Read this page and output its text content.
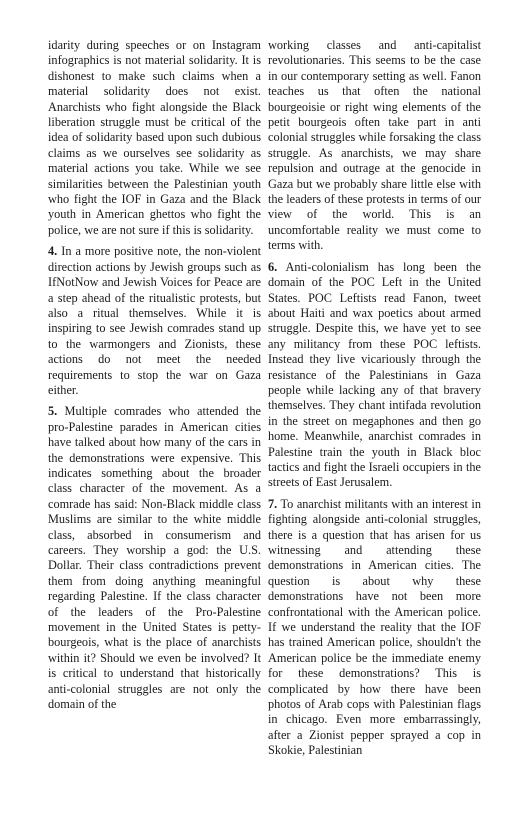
idarity during speeches or on Instagram infographics is not material solidarity. It is dishonest to make such claims when a material solidarity does not exist. Anarchists who fight alongside the Black liberation struggle must be critical of the idea of solidarity based upon such dubious claims as we ourselves see solidarity as material actions you take. While we see similarities between the Palestinian youth who fight the IOF in Gaza and the Black youth in American ghettos who fight the police, we are not sure if this is solidarity.

4. In a more positive note, the non-violent direction actions by Jewish groups such as IfNotNow and Jewish Voices for Peace are a step ahead of the ritualistic protests, but also a ritual themselves. While it is inspiring to see Jewish comrades stand up to the warmongers and Zionists, these actions do not meet the needed requirements to stop the war on Gaza either.

5. Multiple comrades who attended the pro-Palestine parades in American cities have talked about how many of the cars in the demonstrations were expensive. This indicates something about the broader class character of the movement. As a comrade has said: Non-Black middle class Muslims are similar to the white middle class, absorbed in consumerism and careers. They worship a god: the U.S. Dollar. Their class contradictions prevent them from doing anything meaningful regarding Palestine. If the class character of the leaders of the Pro-Palestine movement in the United States is petty-bourgeois, what is the place of anarchists within it? Should we even be involved? It is critical to understand that historically anti-colonial struggles are not only the domain of the

working classes and anti-capitalist revolutionaries. This seems to be the case in our contemporary setting as well. Fanon teaches us that often the national bourgeoisie or right wing elements of the petit bourgeois often take part in anti colonial struggles while forsaking the class struggle. As anarchists, we may share repulsion and outrage at the genocide in Gaza but we probably share little else with the leaders of these protests in terms of our view of the world. This is an uncomfortable reality we must come to terms with.

6. Anti-colonialism has long been the domain of the POC Left in the United States. POC Leftists read Fanon, tweet about Haiti and wax poetics about armed struggle. Despite this, we have yet to see any militancy from these POC leftists. Instead they live vicariously through the resistance of the Palestinians in Gaza people while lacking any of that bravery themselves. They chant intifada revolution in the street on megaphones and then go home. Meanwhile, anarchist comrades in Palestine train the youth in Black bloc tactics and fight the Israeli occupiers in the streets of East Jerusalem.

7. To anarchist militants with an interest in fighting alongside anti-colonial struggles, there is a question that has arisen for us witnessing and attending these demonstrations in American cities. The question is about why these demonstrations have not been more confrontational with the American police. If we understand the reality that the IOF has trained American police, shouldn't the American police be the immediate enemy for these demonstrations? This is complicated by how there have been photos of Arab cops with Palestinian flags in chicago. Even more embarrassingly, after a Zionist pepper sprayed a cop in Skokie, Palestinian
